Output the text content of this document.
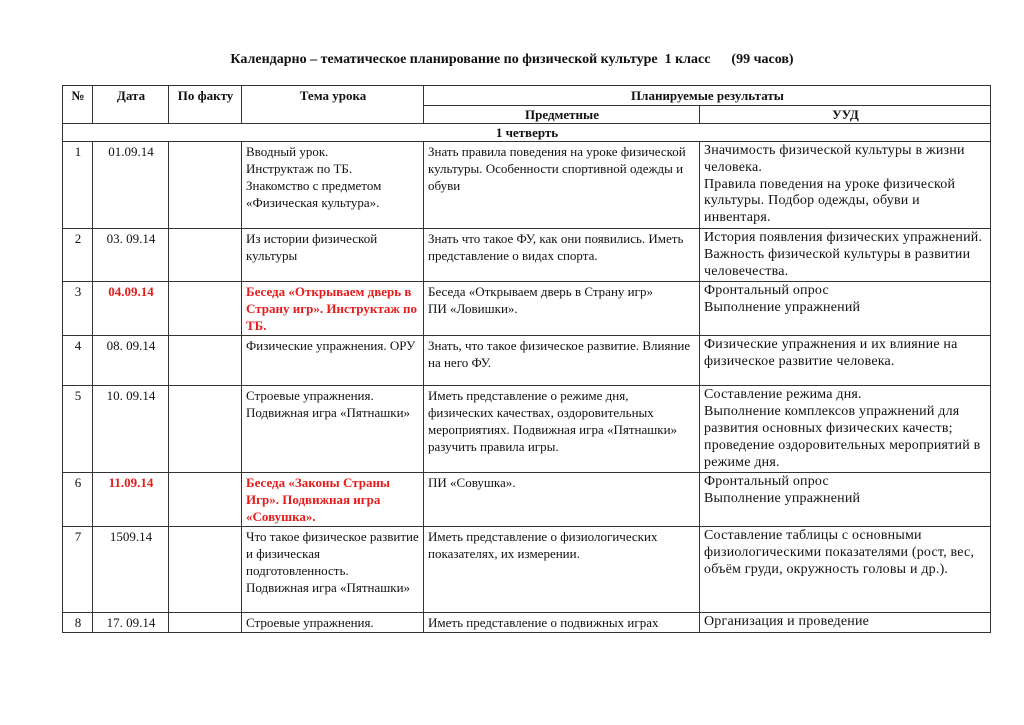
Календарно – тематическое планирование по физической культуре  1 класс      (99 часов)
№	Дата	По факту	Тема урока	Планируемые результаты	
				Предметные	УУД
1 четверть					
1	01.09.14		Вводный урок.
Инструктаж по ТБ.
Знакомство с предметом «Физическая культура».	Знать правила поведения на уроке физической культуры. Особенности спортивной одежды и обуви	Значимость физической культуры в жизни человека.
Правила поведения на уроке физической культуры. Подбор одежды, обуви и инвентаря.
2	03. 09.14		Из истории физической культуры	Знать что такое ФУ, как они появились. Иметь представление о видах спорта.	История появления физических упражнений. Важность физической культуры в развитии человечества.
3	04.09.14		Беседа «Открываем дверь в Страну игр». Инструктаж по ТБ.	Беседа «Открываем дверь в Страну игр»
ПИ «Ловишки».	Фронтальный опрос
Выполнение упражнений
4	08. 09.14		Физические упражнения. ОРУ	Знать, что такое физическое развитие. Влияние на него ФУ.	Физические упражнения и их влияние на физическое развитие человека.
5	10. 09.14		Строевые упражнения.
Подвижная игра «Пятнашки»	Иметь представление о режиме дня, физических качествах, оздоровительных мероприятиях. Подвижная игра «Пятнашки» разучить правила игры.	Составление режима дня.
Выполнение комплексов упражнений для развития основных физических качеств; проведение оздоровительных мероприятий в режиме дня.
6	11.09.14		Беседа «Законы Страны Игр». Подвижная игра «Совушка».	ПИ «Совушка».	Фронтальный опрос
Выполнение упражнений
7	1509.14		Что такое физическое развитие и физическая подготовленность.
Подвижная игра «Пятнашки»	Иметь представление о физиологических показателях, их измерении.	Составление таблицы с основными физиологическими показателями (рост, вес, объём груди, окружность головы и др.).
8	17. 09.14		Строевые упражнения.	Иметь представление о подвижных играх	Организация и проведение
